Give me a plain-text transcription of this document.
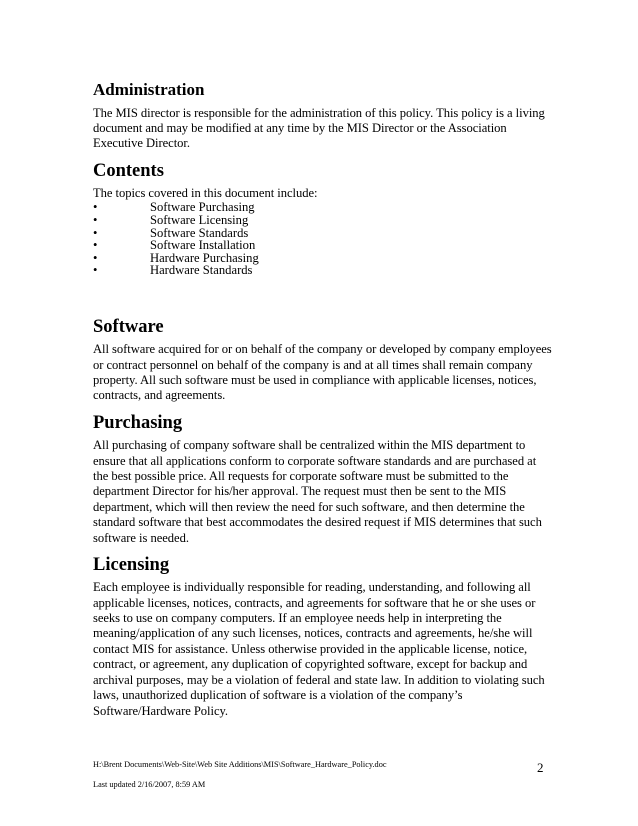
Administration

The MIS director is responsible for the administration of this policy. This policy is a living document and may be modified at any time by the MIS Director or the Association Executive Director.

Contents

The topics covered in this document include:

•	Software Purchasing
•	Software Licensing
•	Software Standards
•	Software Installation
•	Hardware Purchasing
•	Hardware Standards
Software

All software acquired for or on behalf of the company or developed by company employees or contract personnel on behalf of the company is and at all times shall remain company property. All such software must be used in compliance with applicable licenses, notices, contracts, and agreements.

Purchasing

All purchasing of company software shall be centralized within the MIS department to ensure that all applications conform to corporate software standards and are purchased at the best possible price. All requests for corporate software must be submitted to the department Director for his/her approval. The request must then be sent to the MIS department, which will then review the need for such software, and then determine the standard software that best accommodates the desired request if MIS determines that such software is needed.

Licensing

Each employee is individually responsible for reading, understanding, and following all applicable licenses, notices, contracts, and agreements for software that he or she uses or seeks to use on company computers. If an employee needs help in interpreting the meaning/application of any such licenses, notices, contracts and agreements, he/she will contact MIS for assistance. Unless otherwise provided in the applicable license, notice, contract, or agreement, any duplication of copyrighted software, except for backup and archival purposes, may be a violation of federal and state law. In addition to violating such laws, unauthorized duplication of software is a violation of the company’s Software/Hardware Policy.

H:\Brent Documents\Web-Site\Web Site Additions\MIS\Software_Hardware_Policy.doc	2
Last updated 2/16/2007, 8:59 AM
